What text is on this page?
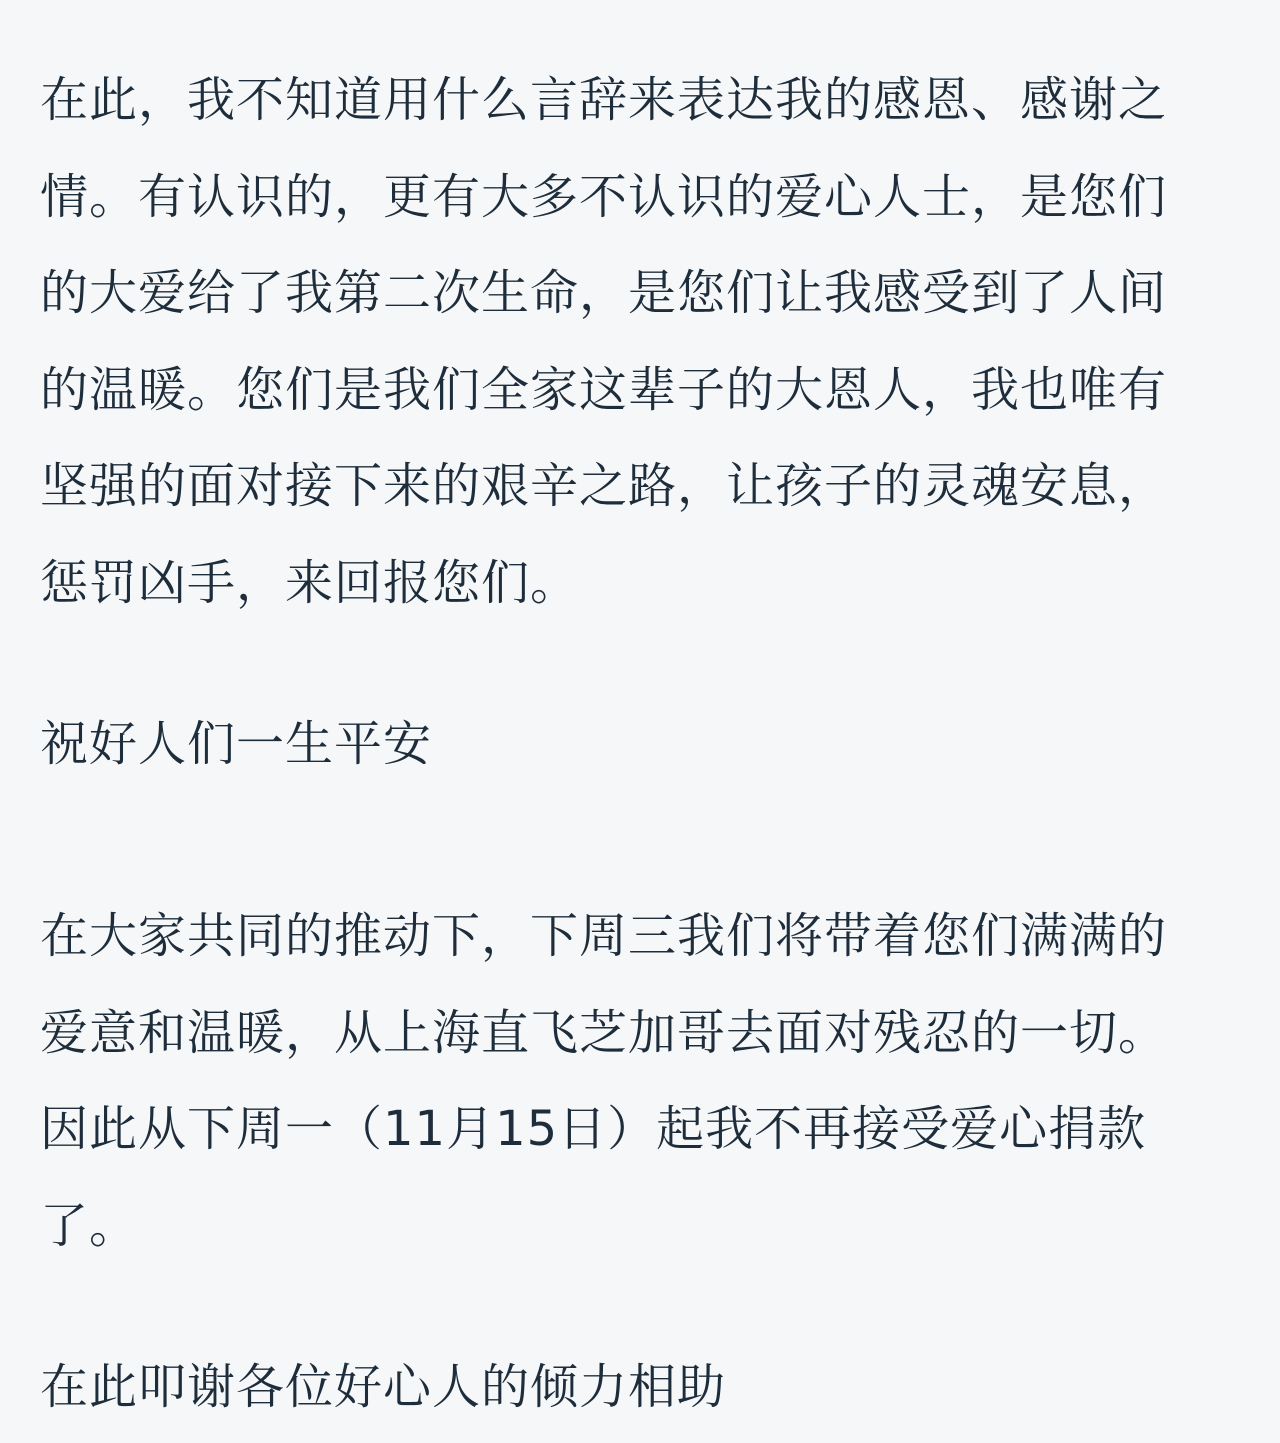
在此，我不知道用什么言辞来表达我的感恩、感谢之情。有认识的，更有大多不认识的爱心人士，是您们的大爱给了我第二次生命，是您们让我感受到了人间的温暖。您们是我们全家这辈子的大恩人，我也唯有坚强的面对接下来的艰辛之路，让孩子的灵魂安息，惩罚凶手，来回报您们。

祝好人们一生平安

在大家共同的推动下，下周三我们将带着您们满满的爱意和温暖，从上海直飞芝加哥去面对残忍的一切。因此从下周一（11月15日）起我不再接受爱心捐款了。

在此叩谢各位好心人的倾力相助
